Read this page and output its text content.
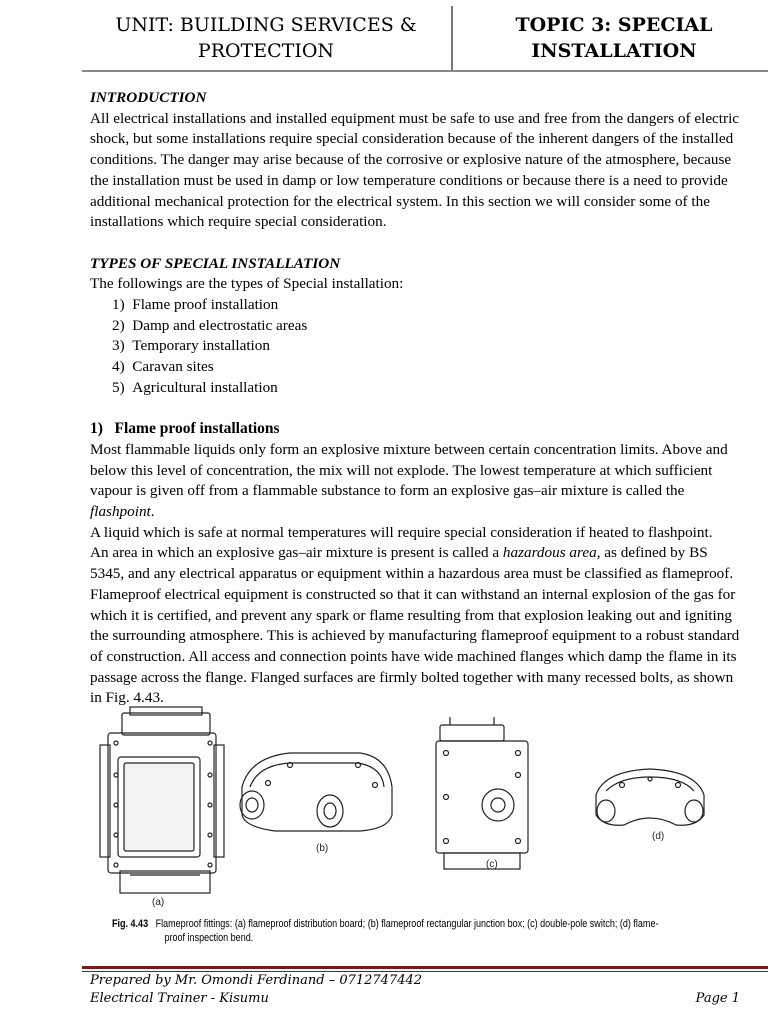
UNIT: BUILDING SERVICES &
PROTECTION
TOPIC 3: SPECIAL
INSTALLATION

INTRODUCTION

All electrical installations and installed equipment must be safe to use and free from the dangers of electric shock, but some installations require special consideration because of the inherent dangers of the installed conditions. The danger may arise because of the corrosive or explosive nature of the atmosphere, because the installation must be used in damp or low temperature conditions or because there is a need to provide additional mechanical protection for the electrical system. In this section we will consider some of the installations which require special consideration.

TYPES OF SPECIAL INSTALLATION

The followings are the types of Special installation:

1) Flame proof installation
2) Damp and electrostatic areas
3) Temporary installation
4) Caravan sites
5) Agricultural installation

1)   Flame proof installations

Most flammable liquids only form an explosive mixture between certain concentration limits. Above and below this level of concentration, the mix will not explode. The lowest temperature at which sufficient vapour is given off from a flammable substance to form an explosive gas–air mixture is called the
flashpoint.

A liquid which is safe at normal temperatures will require special consideration if heated to flashpoint.

An area in which an explosive gas–air mixture is present is called a hazardous area, as defined by BS 5345, and any electrical apparatus or equipment within a hazardous area must be classified as flameproof.

Flameproof electrical equipment is constructed so that it can withstand an internal explosion of the gas for which it is certified, and prevent any spark or flame resulting from that explosion leaking out and igniting the surrounding atmosphere. This is achieved by manufacturing flameproof equipment to a robust standard of construction. All access and connection points have wide machined flanges which damp the flame in its passage across the flange. Flanged surfaces are firmly bolted together with many recessed bolts, as shown in Fig. 4.43.

(a)
(b)
(c)
(d)
Fig. 4.43 Flameproof fittings: (a) flameproof distribution board; (b) flameproof rectangular junction box; (c) double-pole switch; (d) flame-
proof inspection bend.
Prepared by Mr. Omondi Ferdinand – 0712747442
Electrical Trainer - Kisumu	Page 1
